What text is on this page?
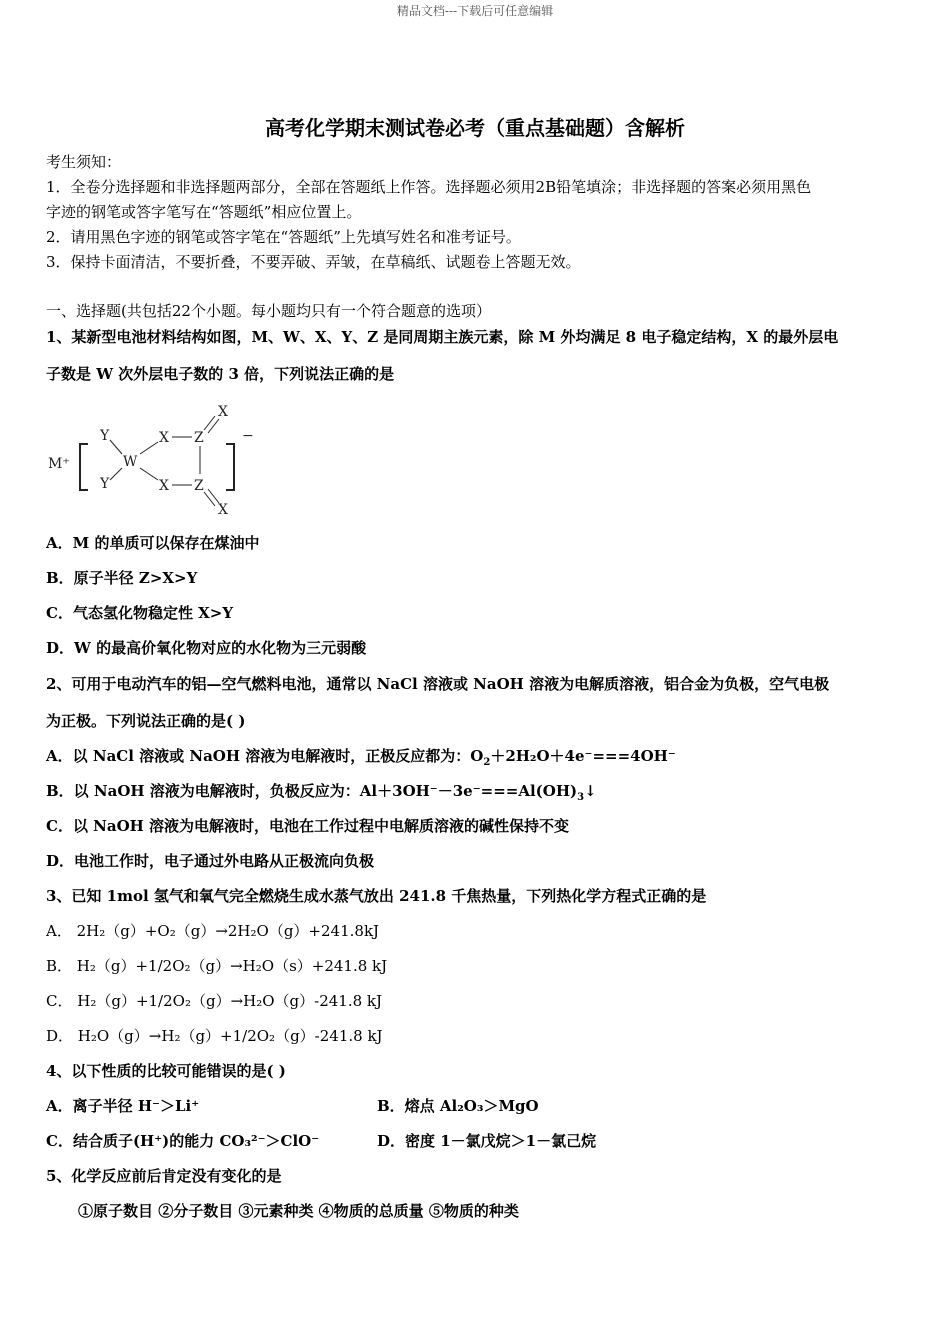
精品文档---下载后可任意编辑
高考化学期末测试卷必考（重点基础题）含解析
考生须知：
1．全卷分选择题和非选择题两部分，全部在答题纸上作答。选择题必须用2B铅笔填涂；非选择题的答案必须用黑色
字迹的钢笔或答字笔写在“答题纸”相应位置上。
2．请用黑色字迹的钢笔或答字笔在“答题纸”上先填写姓名和准考证号。
3．保持卡面清洁，不要折叠，不要弄破、弄皱，在草稿纸、试题卷上答题无效。
一、选择题(共包括22个小题。每小题均只有一个符合题意的选项）
1、某新型电池材料结构如图，M、W、X、Y、Z 是同周期主族元素，除 M 外均满足 8 电子稳定结构，X 的最外层电
子数是 W 次外层电子数的 3 倍，下列说法正确的是
M⁺
−
Y
Y
W
X
X
Z
Z
X
X
A．M 的单质可以保存在煤油中
B．原子半径 Z>X>Y
C．气态氢化物稳定性 X>Y
D．W 的最高价氧化物对应的水化物为三元弱酸
2、可用于电动汽车的铝—空气燃料电池，通常以 NaCl 溶液或 NaOH 溶液为电解质溶液，铝合金为负极，空气电极
为正极。下列说法正确的是( )
A．以 NaCl 溶液或 NaOH 溶液为电解液时，正极反应都为：$O_2+2H_2O+4e^-===4OH^-$
B．以 NaOH 溶液为电解液时，负极反应为：$Al+3OH^--3e^-===Al(OH)_3↓$
C．以 NaOH 溶液为电解液时，电池在工作过程中电解质溶液的碱性保持不变
D．电池工作时，电子通过外电路从正极流向负极
3、已知 1mol 氢气和氧气完全燃烧生成水蒸气放出 241.8 千焦热量，下列热化学方程式正确的是
A． 2H₂（g）+O₂（g）→2H₂O（g）+241.8kJ
B． H₂（g）+1/2O₂（g）→H₂O（s）+241.8 kJ
C． H₂（g）+1/2O₂（g）→H₂O（g）-241.8 kJ
D． H₂O（g）→H₂（g）+1/2O₂（g）-241.8 kJ
4、以下性质的比较可能错误的是( )
A．离子半径 H⁻＞Li⁺	B．熔点 Al₂O₃＞MgO
C．结合质子(H⁺)的能力 CO₃²⁻＞ClO⁻	D．密度 1－氯戊烷＞1－氯己烷
5、化学反应前后肯定没有变化的是
①原子数目 ②分子数目 ③元素种类 ④物质的总质量 ⑤物质的种类
